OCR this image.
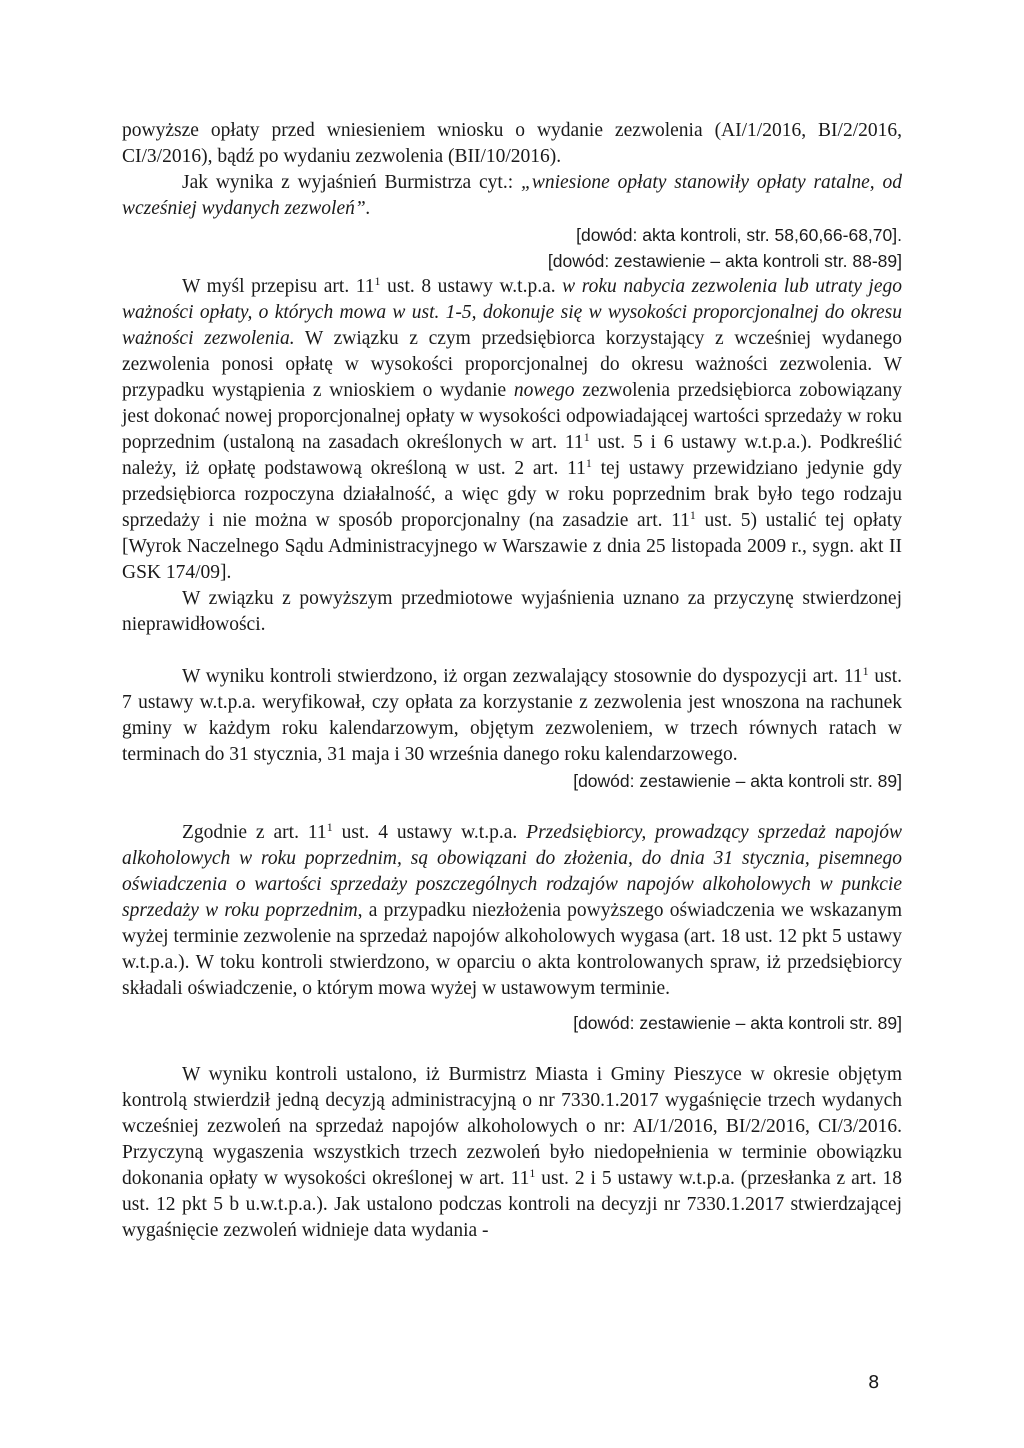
powyższe opłaty przed wniesieniem wniosku o wydanie zezwolenia (AI/1/2016, BI/2/2016, CI/3/2016), bądź po wydaniu zezwolenia (BII/10/2016).

Jak wynika z wyjaśnień Burmistrza cyt.: „wniesione opłaty stanowiły opłaty ratalne, od wcześniej wydanych zezwoleń”.

[dowód: akta kontroli, str. 58,60,66-68,70].

[dowód: zestawienie – akta kontroli str. 88-89]

W myśl przepisu art. $11^1$ ust. 8 ustawy w.t.p.a. w roku nabycia zezwolenia lub utraty jego ważności opłaty, o których mowa w ust. 1-5, dokonuje się w wysokości proporcjonalnej do okresu ważności zezwolenia. W związku z czym przedsiębiorca korzystający z wcześniej wydanego zezwolenia ponosi opłatę w wysokości proporcjonalnej do okresu ważności zezwolenia. W przypadku wystąpienia z wnioskiem o wydanie nowego zezwolenia przedsiębiorca zobowiązany jest dokonać nowej proporcjonalnej opłaty w wysokości odpowiadającej wartości sprzedaży w roku poprzednim (ustaloną na zasadach określonych w art. $11^1$ ust. 5 i 6 ustawy w.t.p.a.). Podkreślić należy, iż opłatę podstawową określoną w ust. 2 art. $11^1$ tej ustawy przewidziano jedynie gdy przedsiębiorca rozpoczyna działalność, a więc gdy w roku poprzednim brak było tego rodzaju sprzedaży i nie można w sposób proporcjonalny (na zasadzie art. $11^1$ ust. 5) ustalić tej opłaty [Wyrok Naczelnego Sądu Administracyjnego w Warszawie z dnia 25 listopada 2009 r., sygn. akt II GSK 174/09].

W związku z powyższym przedmiotowe wyjaśnienia uznano za przyczynę stwierdzonej nieprawidłowości.

W wyniku kontroli stwierdzono, iż organ zezwalający stosownie do dyspozycji art. $11^1$ ust. 7 ustawy w.t.p.a. weryfikował, czy opłata za korzystanie z zezwolenia jest wnoszona na rachunek gminy w każdym roku kalendarzowym, objętym zezwoleniem, w trzech równych ratach w terminach do 31 stycznia, 31 maja i 30 września danego roku kalendarzowego.

[dowód: zestawienie – akta kontroli str. 89]

Zgodnie z art. $11^1$ ust. 4 ustawy w.t.p.a. Przedsiębiorcy, prowadzący sprzedaż napojów alkoholowych w roku poprzednim, są obowiązani do złożenia, do dnia 31 stycznia, pisemnego oświadczenia o wartości sprzedaży poszczególnych rodzajów napojów alkoholowych w punkcie sprzedaży w roku poprzednim, a przypadku niezłożenia powyższego oświadczenia we wskazanym wyżej terminie zezwolenie na sprzedaż napojów alkoholowych wygasa (art. 18 ust. 12 pkt 5 ustawy w.t.p.a.). W toku kontroli stwierdzono, w oparciu o akta kontrolowanych spraw, iż przedsiębiorcy składali oświadczenie, o którym mowa wyżej w ustawowym terminie.

[dowód: zestawienie – akta kontroli str. 89]

W wyniku kontroli ustalono, iż Burmistrz Miasta i Gminy Pieszyce w okresie objętym kontrolą stwierdził jedną decyzją administracyjną o nr 7330.1.2017 wygaśnięcie trzech wydanych wcześniej zezwoleń na sprzedaż napojów alkoholowych o nr: AI/1/2016, BI/2/2016, CI/3/2016. Przyczyną wygaszenia wszystkich trzech zezwoleń było niedopełnienia w terminie obowiązku dokonania opłaty w wysokości określonej w art. $11^1$ ust. 2 i 5 ustawy w.t.p.a. (przesłanka z art. 18 ust. 12 pkt 5 b u.w.t.p.a.). Jak ustalono podczas kontroli na decyzji nr 7330.1.2017 stwierdzającej wygaśnięcie zezwoleń widnieje data wydania -

8
